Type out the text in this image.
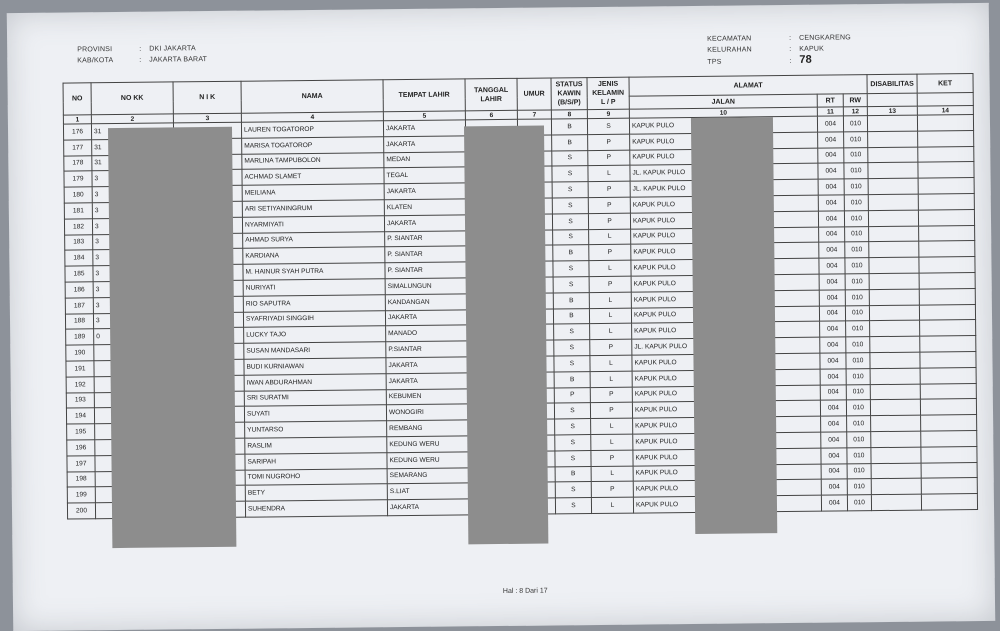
PROVINSI	: DKI JAKARTA
KAB/KOTA	: JAKARTA BARAT
KECAMATAN	: CENGKARENG
KELURAHAN	: KAPUK
TPS	: 78
NO	NO KK	N I K	NAMA	TEMPAT LAHIR	TANGGAL LAHIR	UMUR	STATUS KAWIN (B/S/P)	JENIS KELAMIN L / P	ALAMAT			DISABILITAS	KET
									JALAN	RT	RW		
1	2	3	4	5	6	7	8	9	10	11	12	13	14
176	31		LAUREN TOGATOROP	JAKARTA			B	S	KAPUK PULO	004	010		
177	31		MARISA TOGATOROP	JAKARTA			B	P	KAPUK PULO	004	010		
178	31		MARLINA TAMPUBOLON	MEDAN			S	P	KAPUK PULO	004	010		
179	3		ACHMAD SLAMET	TEGAL			S	L	JL. KAPUK PULO	004	010		
180	3		MEILIANA	JAKARTA			S	P	JL. KAPUK PULO	004	010		
181	3		ARI SETIYANINGRUM	KLATEN			S	P	KAPUK PULO	004	010		
182	3		NYARMIYATI	JAKARTA			S	P	KAPUK PULO	004	010		
183	3		AHMAD SURYA	P. SIANTAR			S	L	KAPUK PULO	004	010		
184	3		KARDIANA	P. SIANTAR			B	P	KAPUK PULO	004	010		
185	3		M. HAINUR SYAH PUTRA	P. SIANTAR			S	L	KAPUK PULO	004	010		
186	3		NURIYATI	SIMALUNGUN			S	P	KAPUK PULO	004	010		
187	3		RIO SAPUTRA	KANDANGAN			B	L	KAPUK PULO	004	010		
188	3		SYAFRIYADI SINGGIH	JAKARTA			B	L	KAPUK PULO	004	010		
189	0		LUCKY TAJO	MANADO			S	L	KAPUK PULO	004	010		
190			SUSAN MANDASARI	P.SIANTAR			S	P	JL. KAPUK PULO	004	010		
191			BUDI KURNIAWAN	JAKARTA			S	L	KAPUK PULO	004	010		
192			IWAN ABDURAHMAN	JAKARTA			B	L	KAPUK PULO	004	010		
193			SRI SURATMI	KEBUMEN			P	P	KAPUK PULO	004	010		
194			SUYATI	WONOGIRI			S	P	KAPUK PULO	004	010		
195			YUNTARSO	REMBANG			S	L	KAPUK PULO	004	010		
196			RASLIM	KEDUNG WERU			S	L	KAPUK PULO	004	010		
197			SARIPAH	KEDUNG WERU			S	P	KAPUK PULO	004	010		
198			TOMI NUGROHO	SEMARANG			B	L	KAPUK PULO	004	010		
199			BETY	S.LIAT			S	P	KAPUK PULO	004	010		
200			SUHENDRA	JAKARTA			S	L	KAPUK PULO	004	010		
Hal : 8 Dari 17
